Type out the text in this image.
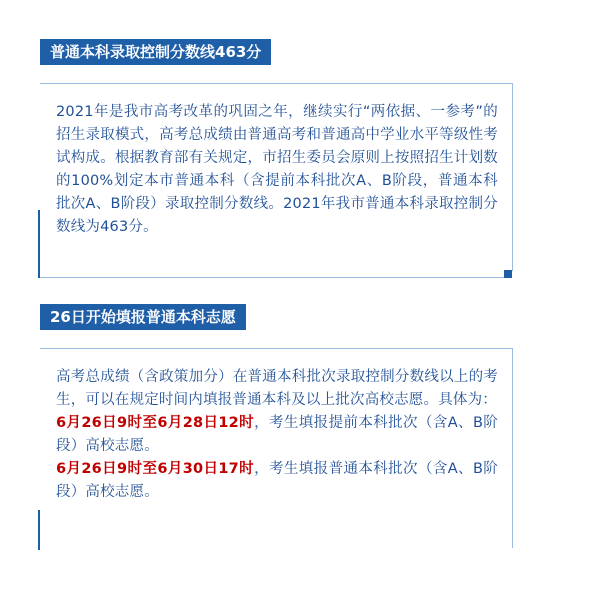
普通本科录取控制分数线463分

2021年是我市高考改革的巩固之年，继续实行“两依据、一参考”的招生录取模式，高考总成绩由普通高考和普通高中学业水平等级性考试构成。根据教育部有关规定，市招生委员会原则上按照招生计划数的100%划定本市普通本科（含提前本科批次A、B阶段，普通本科批次A、B阶段）录取控制分数线。2021年我市普通本科录取控制分数线为463分。

26日开始填报普通本科志愿

高考总成绩（含政策加分）在普通本科批次录取控制分数线以上的考生，可以在规定时间内填报普通本科及以上批次高校志愿。具体为：

6月26日9时至6月28日12时，考生填报提前本科批次（含A、B阶段）高校志愿。

6月26日9时至6月30日17时，考生填报普通本科批次（含A、B阶段）高校志愿。
